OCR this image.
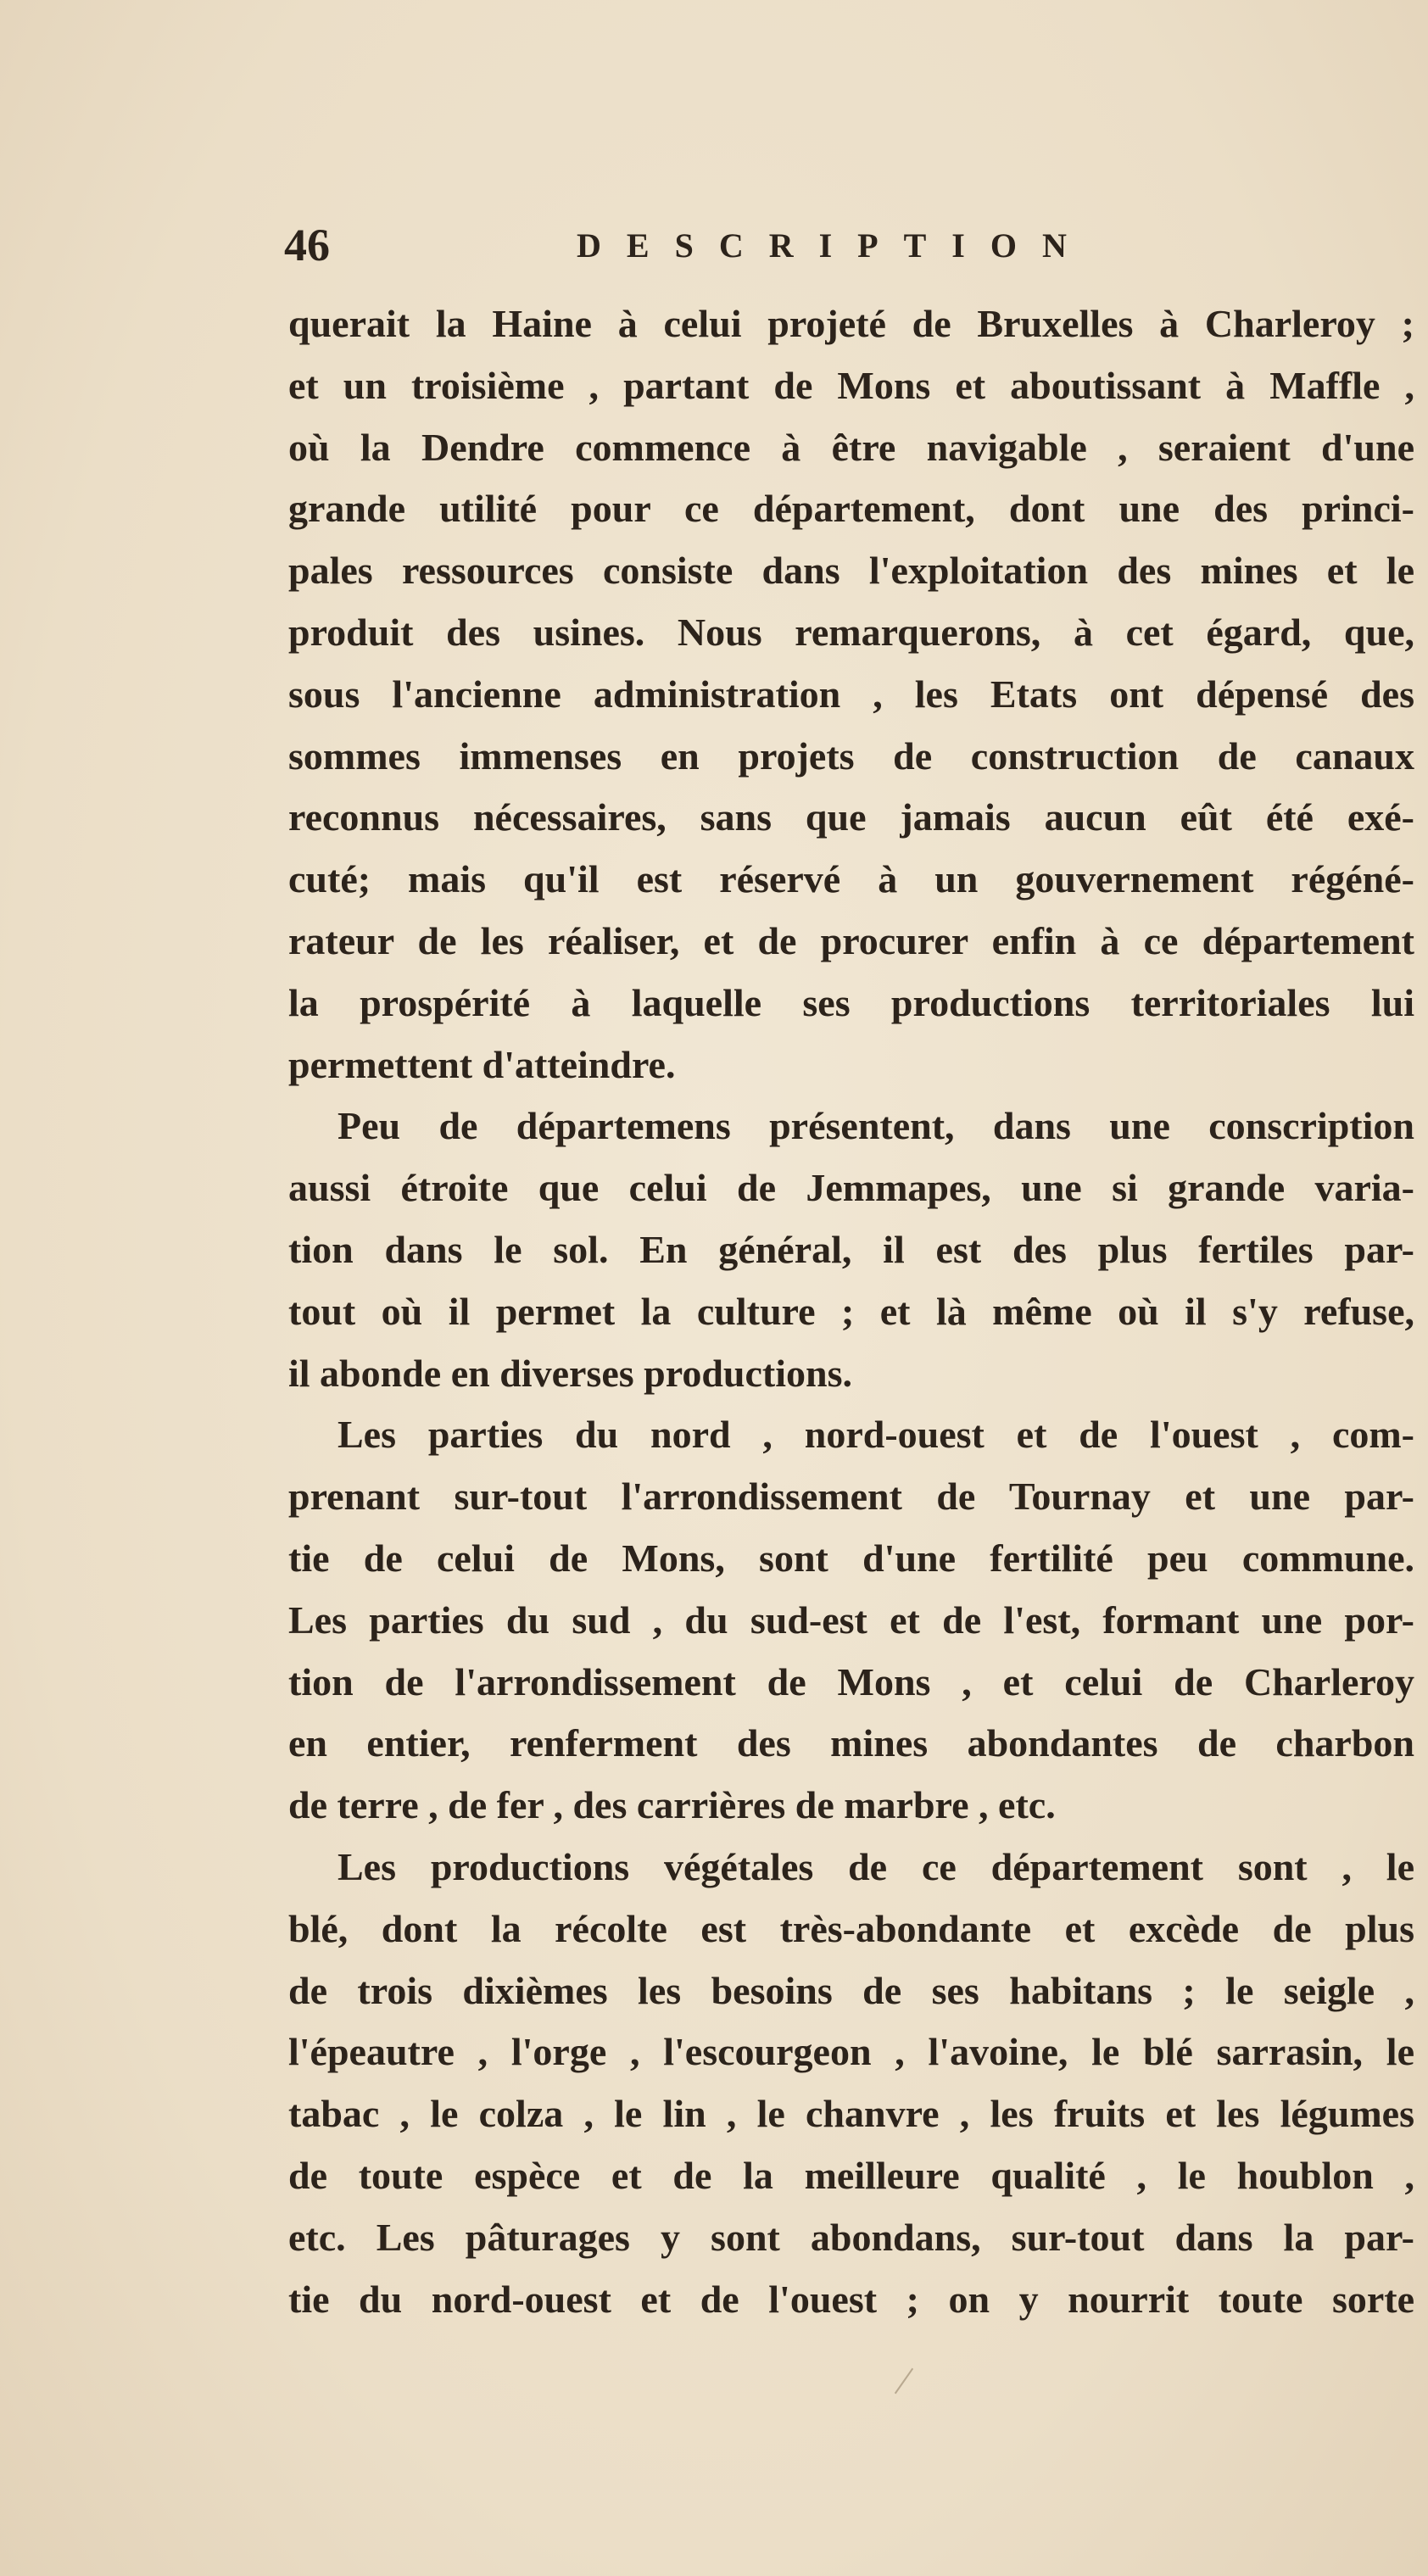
46	DESCRIPTION
querait la Haine à celui projeté de Bruxelles à Charleroy ;
et un troisième , partant de Mons et aboutissant à Maffle ,
où la Dendre commence à être navigable , seraient d'une
grande utilité pour ce département, dont une des princi-
pales ressources consiste dans l'exploitation des mines et le
produit des usines. Nous remarquerons, à cet égard, que,
sous l'ancienne administration , les Etats ont dépensé des
sommes immenses en projets de construction de canaux
reconnus nécessaires, sans que jamais aucun eût été exé-
cuté; mais qu'il est réservé à un gouvernement régéné-
rateur de les réaliser, et de procurer enfin à ce département
la prospérité à laquelle ses productions territoriales lui
permettent d'atteindre.
Peu de départemens présentent, dans une conscription
aussi étroite que celui de Jemmapes, une si grande varia-
tion dans le sol. En général, il est des plus fertiles par-
tout où il permet la culture ; et là même où il s'y refuse,
il abonde en diverses productions.
Les parties du nord , nord-ouest et de l'ouest , com-
prenant sur-tout l'arrondissement de Tournay et une par-
tie de celui de Mons, sont d'une fertilité peu commune.
Les parties du sud , du sud-est et de l'est, formant une por-
tion de l'arrondissement de Mons , et celui de Charleroy
en entier, renferment des mines abondantes de charbon
de terre , de fer , des carrières de marbre , etc.
Les productions végétales de ce département sont , le
blé, dont la récolte est très-abondante et excède de plus
de trois dixièmes les besoins de ses habitans ; le seigle ,
l'épeautre , l'orge , l'escourgeon , l'avoine, le blé sarrasin, le
tabac , le colza , le lin , le chanvre , les fruits et les légumes
de toute espèce et de la meilleure qualité , le houblon ,
etc. Les pâturages y sont abondans, sur-tout dans la par-
tie du nord-ouest et de l'ouest ; on y nourrit toute sorte
